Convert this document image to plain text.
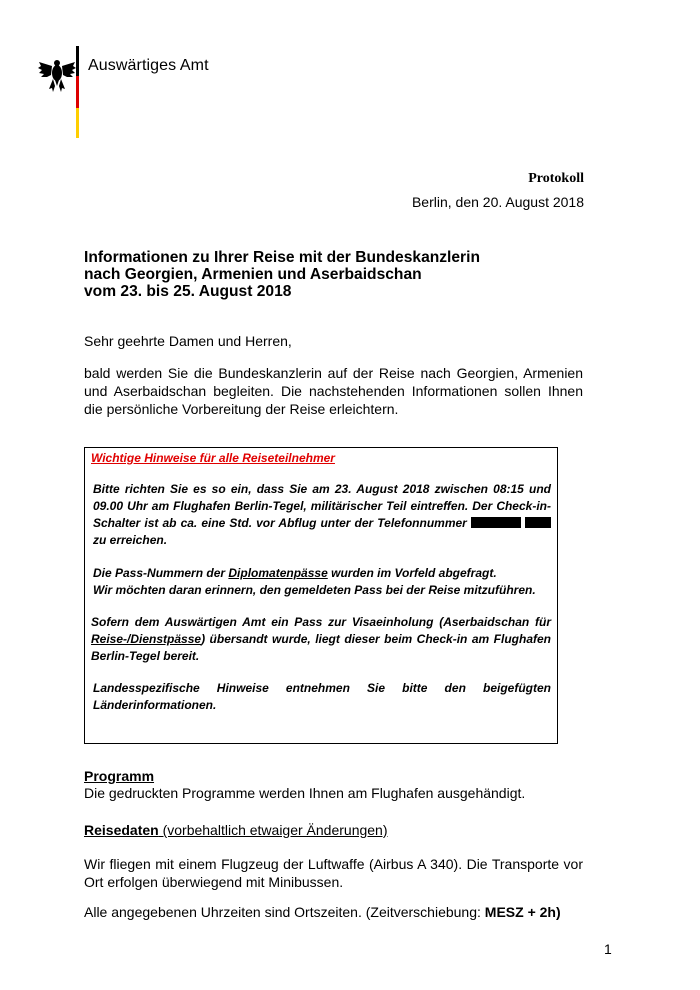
Auswärtiges Amt
Protokoll
Berlin, den 20. August 2018
Informationen zu Ihrer Reise mit der Bundeskanzlerin
nach Georgien, Armenien und Aserbaidschan
vom 23. bis 25. August 2018
Sehr geehrte Damen und Herren,
bald werden Sie die Bundeskanzlerin auf der Reise nach Georgien, Armenien und Aserbaidschan begleiten. Die nachstehenden Informationen sollen Ihnen die persönliche Vorbereitung der Reise erleichtern.
Wichtige Hinweise für alle Reiseteilnehmer

Bitte richten Sie es so ein, dass Sie am 23. August 2018 zwischen 08:15 und 09.00 Uhr am Flughafen Berlin-Tegel, militärischer Teil eintreffen. Der Check-in-Schalter ist ab ca. eine Std. vor Abflug unter der Telefonnummer   zu erreichen.

Die Pass-Nummern der Diplomatenpässe wurden im Vorfeld abgefragt.
Wir möchten daran erinnern, den gemeldeten Pass bei der Reise mitzuführen.

Sofern dem Auswärtigen Amt ein Pass zur Visaeinholung (Aserbaidschan für Reise-/Dienstpässe) übersandt wurde, liegt dieser beim Check-in am Flughafen Berlin-Tegel bereit.

Landesspezifische Hinweise entnehmen Sie bitte den beigefügten Länderinformationen.

Programm
Die gedruckten Programme werden Ihnen am Flughafen ausgehändigt.
Reisedaten (vorbehaltlich etwaiger Änderungen)
Wir fliegen mit einem Flugzeug der Luftwaffe (Airbus A 340). Die Transporte vor Ort erfolgen überwiegend mit Minibussen.
Alle angegebenen Uhrzeiten sind Ortszeiten. (Zeitverschiebung: MESZ + 2h)
1
